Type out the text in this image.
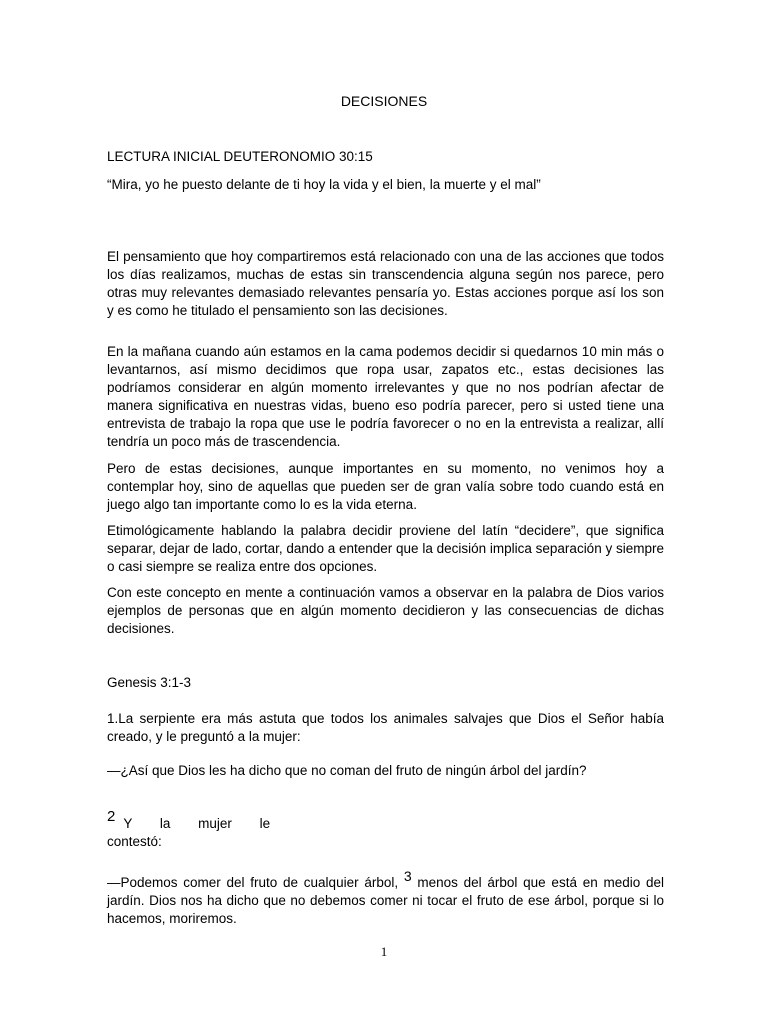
DECISIONES
LECTURA INICIAL DEUTERONOMIO 30:15
“Mira, yo he puesto delante de ti hoy la vida y el bien, la muerte y el mal”
El pensamiento que hoy compartiremos está relacionado con una de las acciones que todos los días realizamos, muchas de estas sin transcendencia alguna según nos parece, pero otras muy relevantes demasiado relevantes pensaría yo. Estas acciones porque así los son y es como he titulado el pensamiento son las decisiones.
En la mañana cuando aún estamos en la cama podemos decidir si quedarnos 10 min más o levantarnos, así mismo decidimos que ropa usar, zapatos etc., estas decisiones las podríamos considerar en algún momento irrelevantes y que no nos podrían afectar de manera significativa en nuestras vidas, bueno eso podría parecer, pero si usted tiene una entrevista de trabajo la ropa que use le podría favorecer o no en la entrevista a realizar, allí tendría un poco más de trascendencia.
Pero de estas decisiones, aunque importantes en su momento, no venimos hoy a contemplar hoy, sino de aquellas que pueden ser de gran valía sobre todo cuando está en juego algo tan importante como lo es la vida eterna.
Etimológicamente hablando la palabra decidir proviene del latín “decidere”, que significa separar, dejar de lado, cortar, dando a entender que la decisión implica separación y siempre o casi siempre se realiza entre dos opciones.
Con este concepto en mente a continuación vamos a observar en la palabra de Dios varios ejemplos de personas que en algún momento decidieron y las consecuencias de dichas decisiones.
Genesis 3:1-3
1.La serpiente era más astuta que todos los animales salvajes que Dios el Señor había creado, y le preguntó a la mujer:
—¿Así que Dios les ha dicho que no coman del fruto de ningún árbol del jardín?
2 Y la mujer le
contestó:
—Podemos comer del fruto de cualquier árbol, 3 menos del árbol que está en medio del jardín. Dios nos ha dicho que no debemos comer ni tocar el fruto de ese árbol, porque si lo hacemos, moriremos.
1
